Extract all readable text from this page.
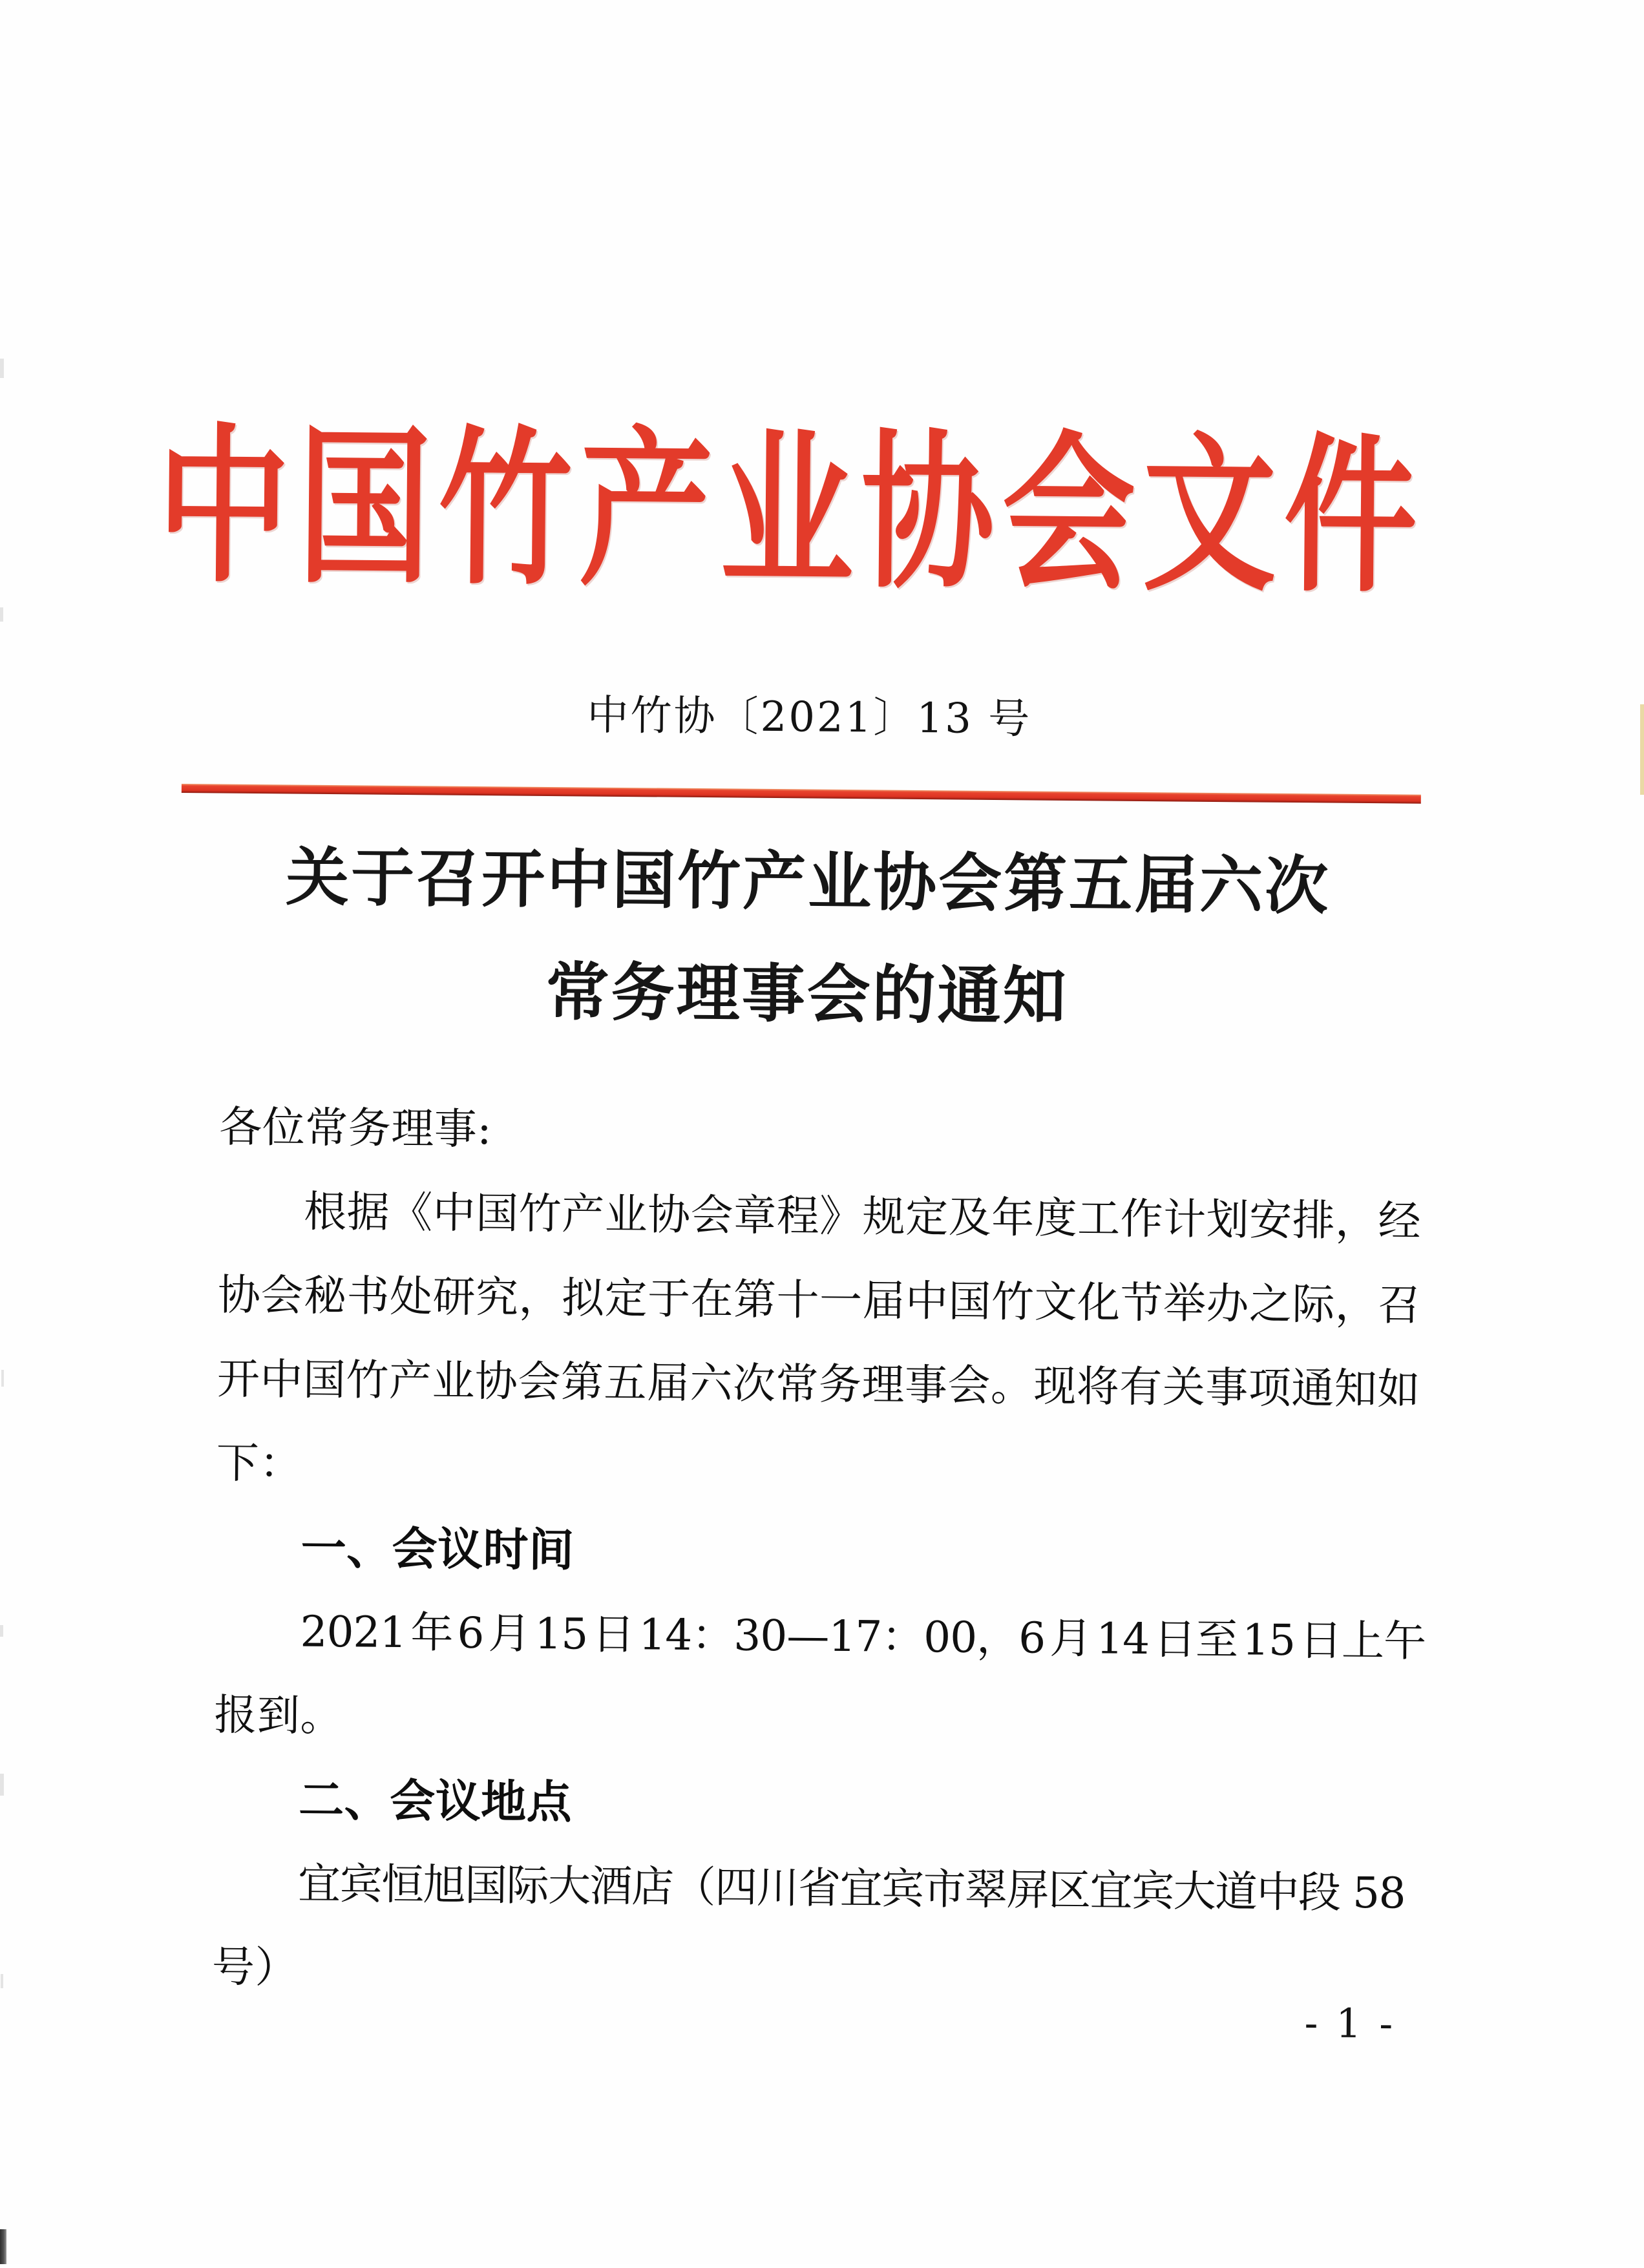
中国竹产业协会文件
中竹协〔2021〕13 号
关于召开中国竹产业协会第五届六次
常务理事会的通知
各位常务理事:
根据《中国竹产业协会章程》规定及年度工作计划安排，经
协会秘书处研究，拟定于在第十一届中国竹文化节举办之际，召
开中国竹产业协会第五届六次常务理事会。现将有关事项通知如
下：
一、会议时间
2021 年 6 月 15 日 14：30—17：00，6 月 14 日至 15 日上午
报到。
二、会议地点
宜宾恒旭国际大酒店（四川省宜宾市翠屏区宜宾大道中段 58
号）
- 1 -
